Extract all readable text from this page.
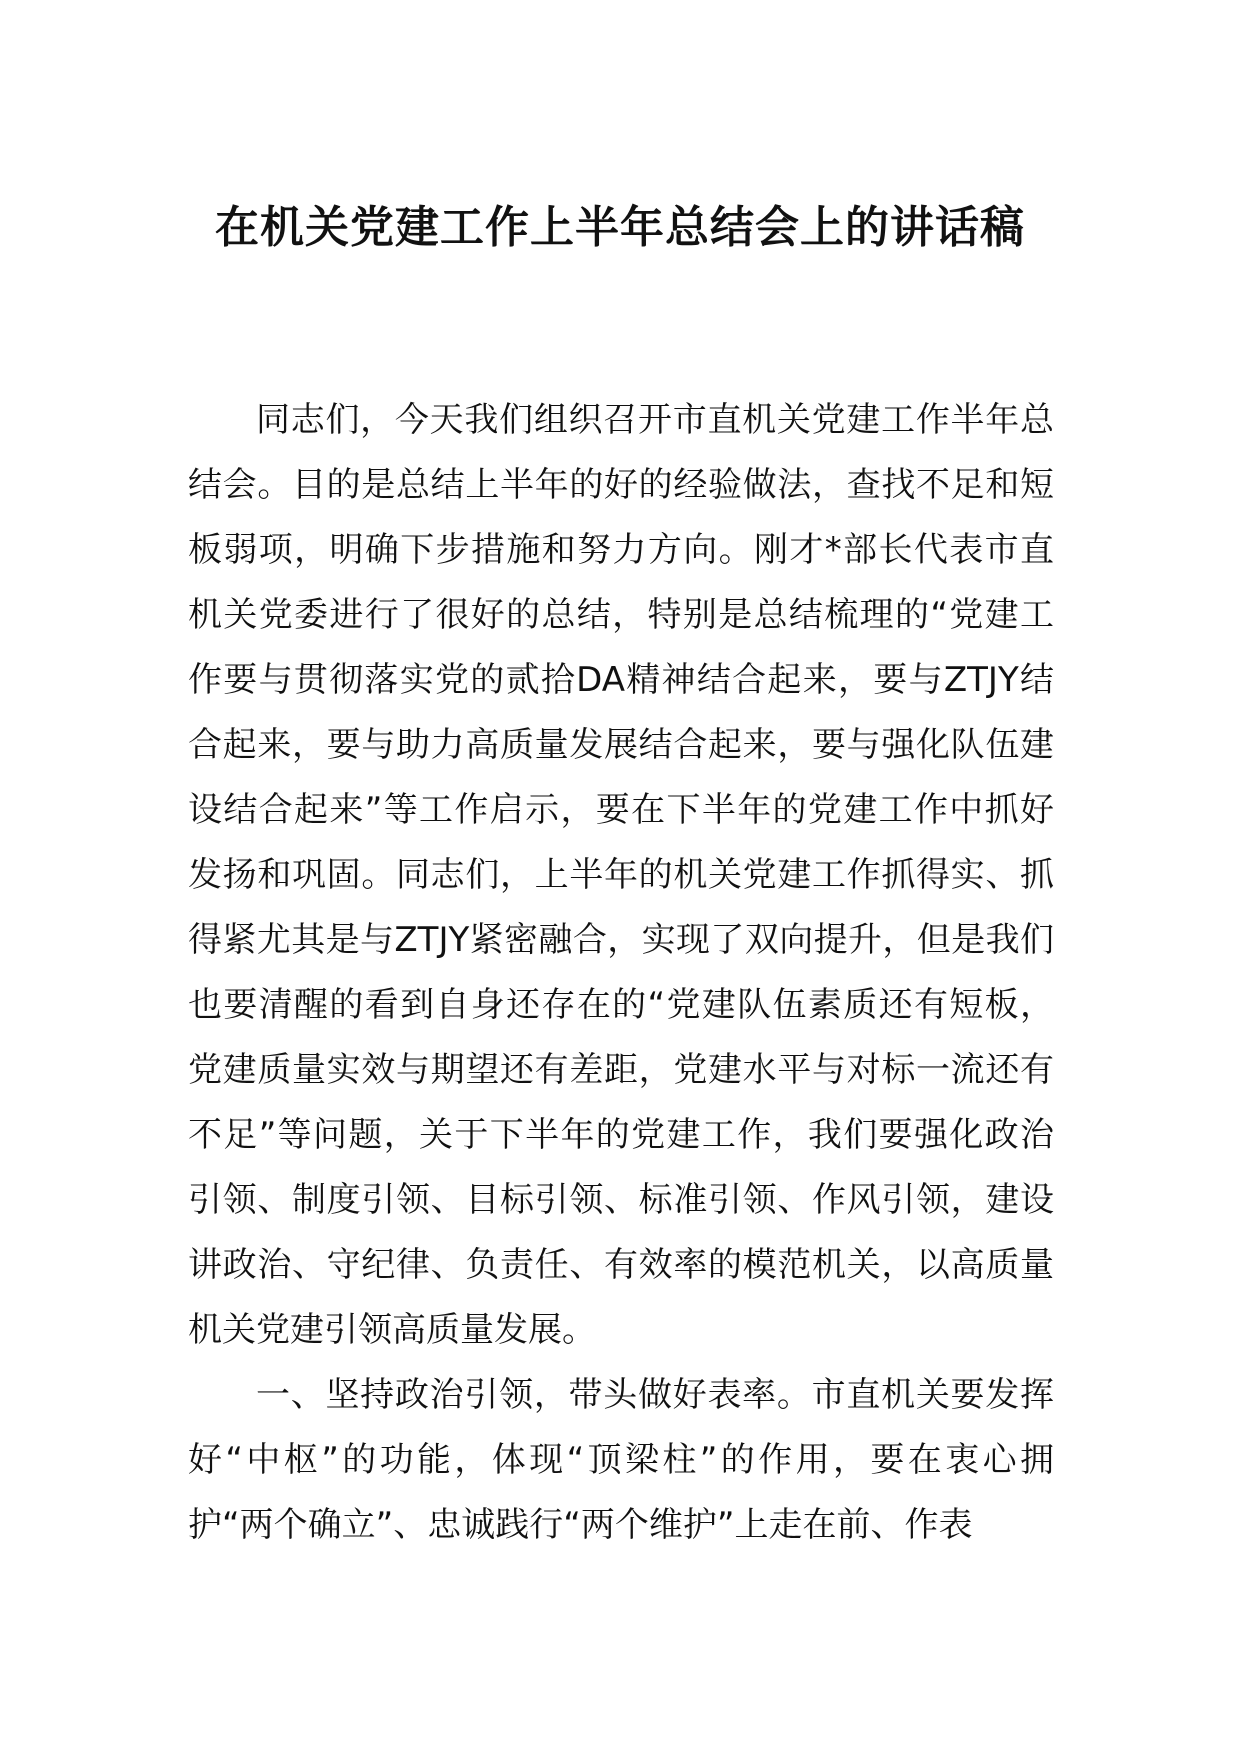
在机关党建工作上半年总结会上的讲话稿

同志们，今天我们组织召开市直机关党建工作半年总结会。目的是总结上半年的好的经验做法，查找不足和短板弱项，明确下步措施和努力方向。刚才*部长代表市直机关党委进行了很好的总结，特别是总结梳理的“党建工作要与贯彻落实党的贰拾DA精神结合起来，要与ZTJY结合起来，要与助力高质量发展结合起来，要与强化队伍建设结合起来”等工作启示，要在下半年的党建工作中抓好发扬和巩固。同志们，上半年的机关党建工作抓得实、抓得紧尤其是与ZTJY紧密融合，实现了双向提升，但是我们也要清醒的看到自身还存在的“党建队伍素质还有短板，党建质量实效与期望还有差距，党建水平与对标一流还有不足”等问题，关于下半年的党建工作，我们要强化政治引领、制度引领、目标引领、标准引领、作风引领，建设讲政治、守纪律、负责任、有效率的模范机关，以高质量机关党建引领高质量发展。

一、坚持政治引领，带头做好表率。市直机关要发挥好“中枢”的功能，体现“顶梁柱”的作用，要在衷心拥护“两个确立”、忠诚践行“两个维护”上走在前、作表
